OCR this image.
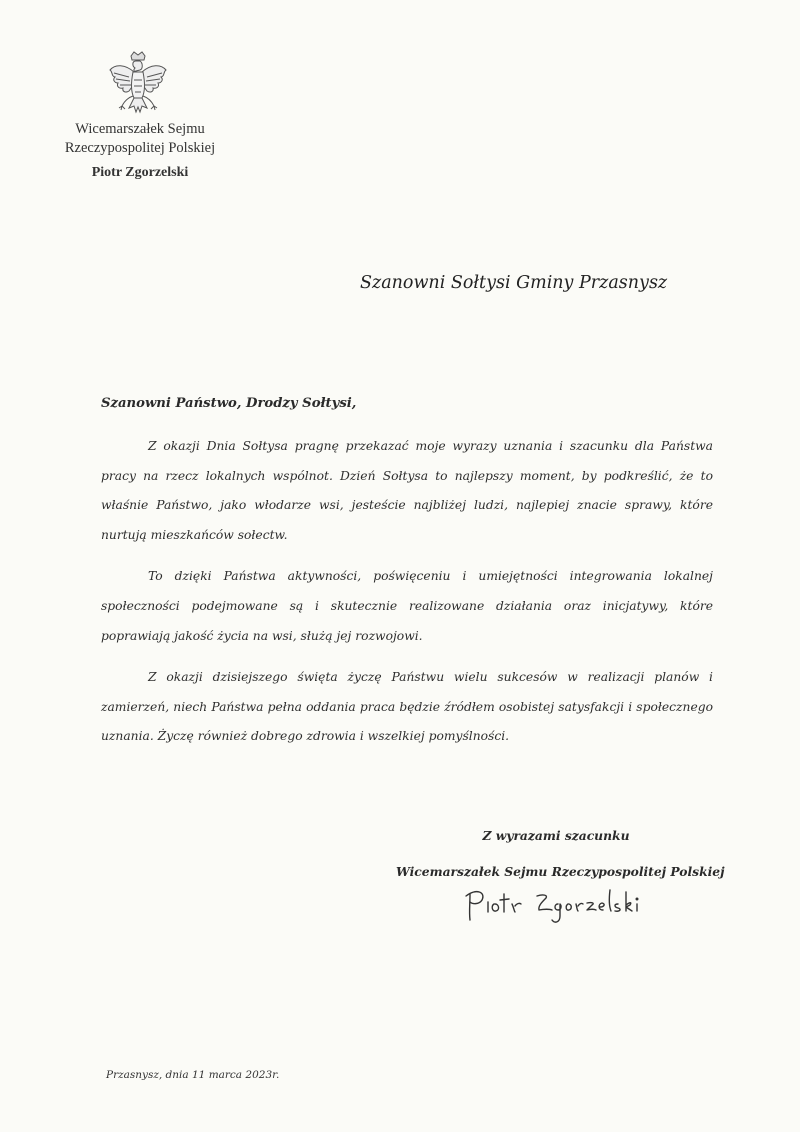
Wicemarszałek Sejmu
Rzeczypospolitej Polskiej
Piotr Zgorzelski
Szanowni Sołtysi Gminy Przasnysz
Szanowni Państwo, Drodzy Sołtysi,

Z okazji Dnia Sołtysa pragnę przekazać moje wyrazy uznania i szacunku dla Państwa pracy na rzecz lokalnych wspólnot. Dzień Sołtysa to najlepszy moment, by podkreślić, że to właśnie Państwo, jako włodarze wsi, jesteście najbliżej ludzi, najlepiej znacie sprawy, które nurtują mieszkańców sołectw.

To dzięki Państwa aktywności, poświęceniu i umiejętności integrowania lokalnej społeczności podejmowane są i skutecznie realizowane działania oraz inicjatywy, które poprawiają jakość życia na wsi, służą jej rozwojowi.

Z okazji dzisiejszego święta życzę Państwu wielu sukcesów w realizacji planów i zamierzeń, niech Państwa pełna oddania praca będzie źródłem osobistej satysfakcji i społecznego uznania. Życzę również dobrego zdrowia i wszelkiej pomyślności.

Z wyrazami szacunku
Wicemarszałek Sejmu Rzeczypospolitej Polskiej
Przasnysz, dnia 11 marca 2023r.
